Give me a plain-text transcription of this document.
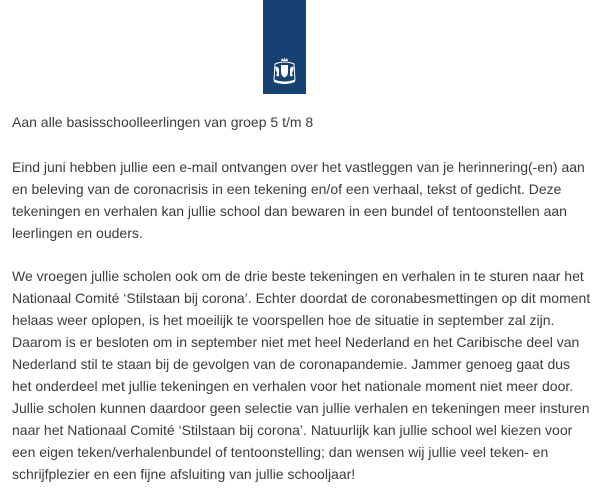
Aan alle basisschoolleerlingen van groep 5 t/m 8

Eind juni hebben jullie een e-mail ontvangen over het vastleggen van je herinnering(-en) aan en beleving van de coronacrisis in een tekening en/of een verhaal, tekst of gedicht. Deze tekeningen en verhalen kan jullie school dan bewaren in een bundel of tentoonstellen aan leerlingen en ouders.

We vroegen jullie scholen ook om de drie beste tekeningen en verhalen in te sturen naar het Nationaal Comité ‘Stilstaan bij corona’. Echter doordat de coronabesmettingen op dit moment helaas weer oplopen, is het moeilijk te voorspellen hoe de situatie in september zal zijn. Daarom is er besloten om in september niet met heel Nederland en het Caribische deel van Nederland stil te staan bij de gevolgen van de coronapandemie. Jammer genoeg gaat dus het onderdeel met jullie tekeningen en verhalen voor het nationale moment niet meer door. Jullie scholen kunnen daardoor geen selectie van jullie verhalen en tekeningen meer insturen naar het Nationaal Comité ‘Stilstaan bij corona’. Natuurlijk kan jullie school wel kiezen voor een eigen teken/verhalenbundel of tentoonstelling; dan wensen wij jullie veel teken- en schrijfplezier en een fijne afsluiting van jullie schooljaar!
